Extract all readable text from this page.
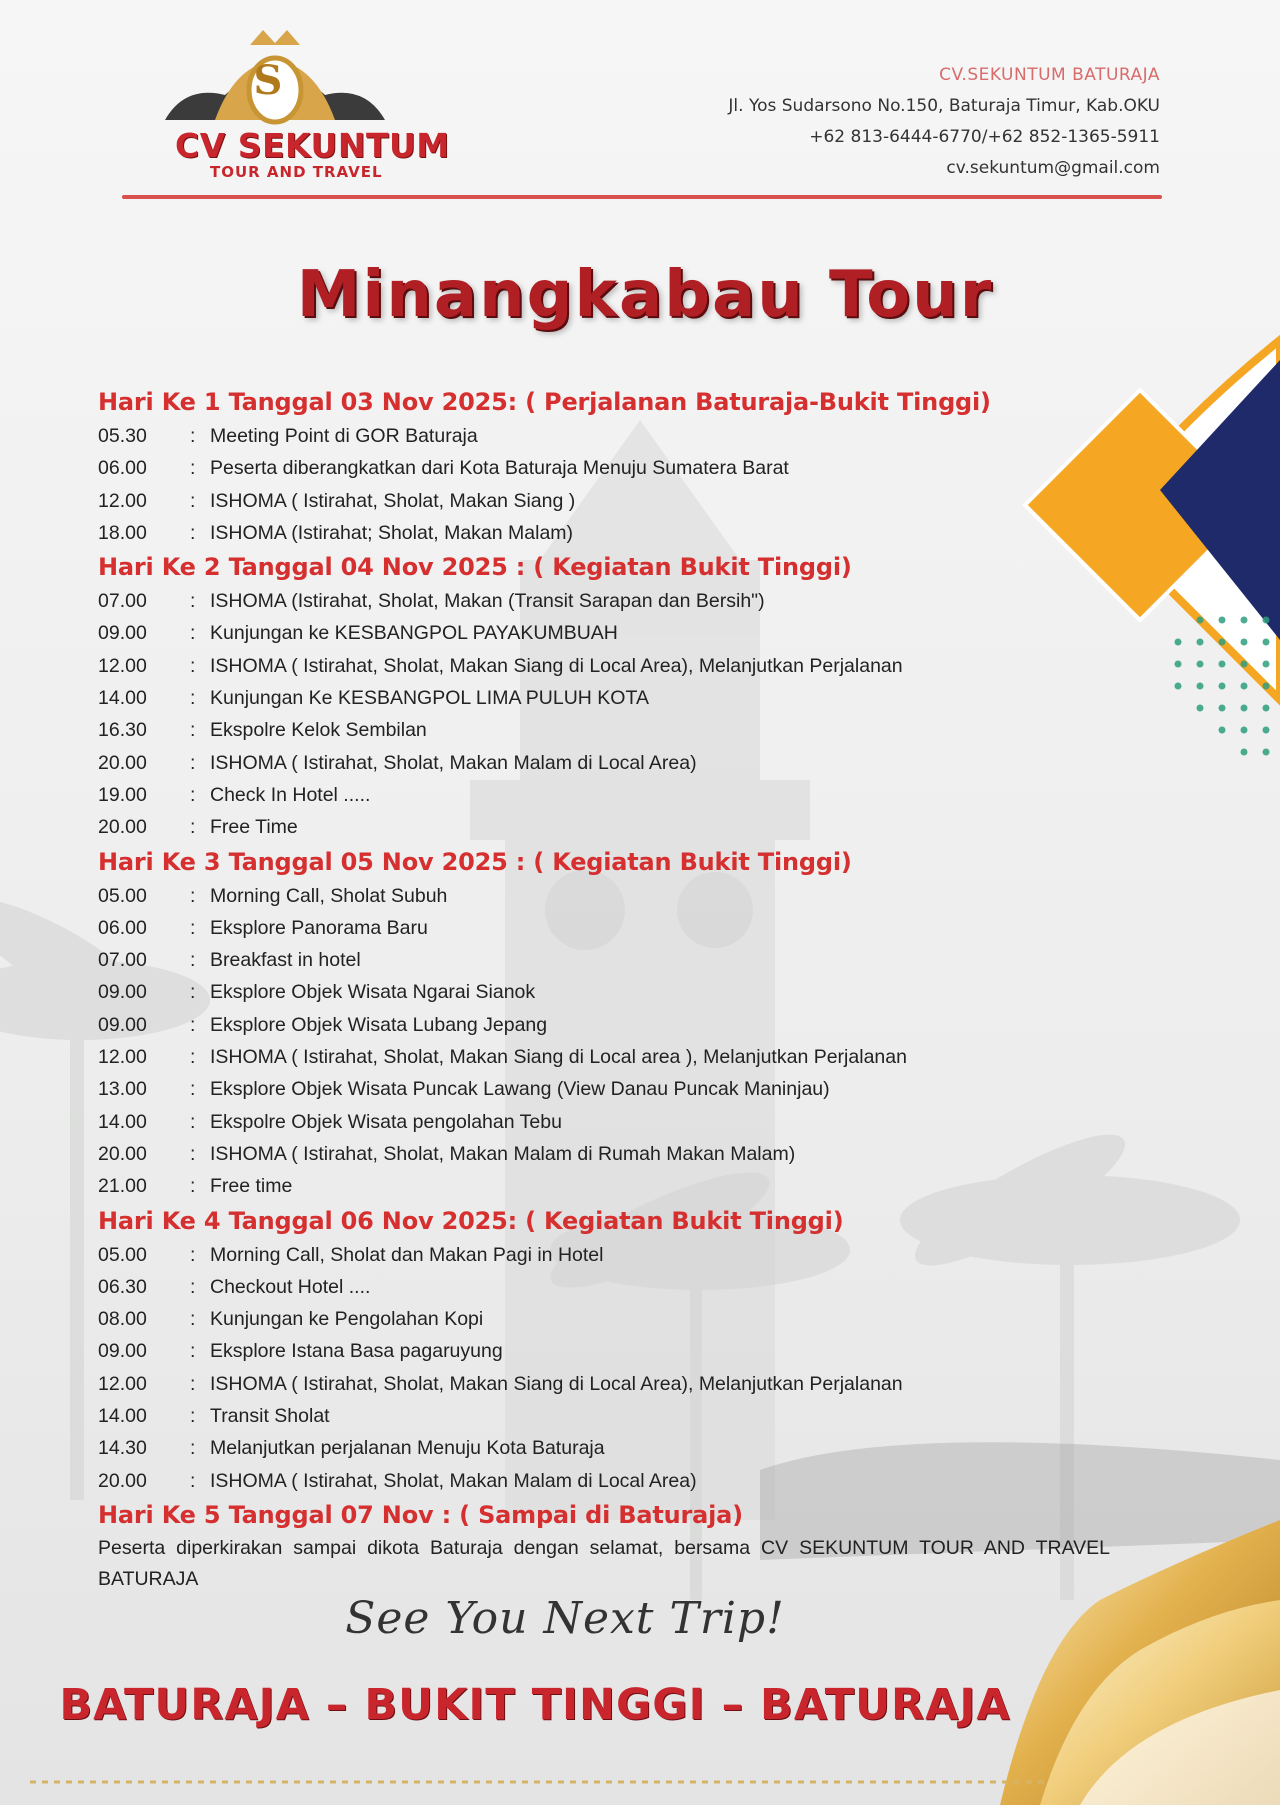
S
CV SEKUNTUM
TOUR AND TRAVEL
CV.SEKUNTUM BATURAJA
Jl. Yos Sudarsono No.150, Baturaja Timur, Kab.OKU
+62 813-6444-6770/+62 852-1365-5911
cv.sekuntum@gmail.com
Minangkabau Tour
Hari Ke 1 Tanggal 03 Nov 2025: ( Perjalanan Baturaja-Bukit Tinggi)
05.30	: Meeting Point di GOR Baturaja
06.00	: Peserta diberangkatkan dari Kota Baturaja Menuju Sumatera Barat
12.00	: ISHOMA ( Istirahat, Sholat, Makan Siang )
18.00	: ISHOMA (Istirahat; Sholat, Makan Malam)
Hari Ke 2 Tanggal 04 Nov 2025 : ( Kegiatan Bukit Tinggi)
07.00	: ISHOMA (Istirahat, Sholat, Makan (Transit Sarapan dan Bersih")
09.00	: Kunjungan ke KESBANGPOL PAYAKUMBUAH
12.00	: ISHOMA ( Istirahat, Sholat, Makan Siang di Local Area), Melanjutkan Perjalanan
14.00	: Kunjungan Ke KESBANGPOL LIMA PULUH KOTA
16.30	: Ekspolre Kelok Sembilan
20.00	: ISHOMA ( Istirahat, Sholat, Makan Malam di Local Area)
19.00	: Check In Hotel .....
20.00	: Free Time
Hari Ke 3 Tanggal 05 Nov 2025 : ( Kegiatan Bukit Tinggi)
05.00	: Morning Call, Sholat Subuh
06.00	: Eksplore Panorama Baru
07.00	: Breakfast in hotel
09.00	: Eksplore Objek Wisata Ngarai Sianok
09.00	: Eksplore Objek Wisata Lubang Jepang
12.00	: ISHOMA ( Istirahat, Sholat, Makan Siang di Local area ), Melanjutkan Perjalanan
13.00	: Eksplore Objek Wisata Puncak Lawang (View Danau Puncak Maninjau)
14.00	: Ekspolre Objek Wisata pengolahan Tebu
20.00	: ISHOMA ( Istirahat, Sholat, Makan Malam di Rumah Makan Malam)
21.00	: Free time
Hari Ke 4 Tanggal 06 Nov 2025: ( Kegiatan Bukit Tinggi)
05.00	: Morning Call, Sholat dan Makan Pagi in Hotel
06.30	: Checkout Hotel ....
08.00	: Kunjungan ke Pengolahan Kopi
09.00	: Eksplore Istana Basa pagaruyung
12.00	: ISHOMA ( Istirahat, Sholat, Makan Siang di Local Area), Melanjutkan Perjalanan
14.00	: Transit Sholat
14.30	: Melanjutkan perjalanan Menuju Kota Baturaja
20.00	: ISHOMA ( Istirahat, Sholat, Makan Malam di Local Area)
Hari Ke 5 Tanggal 07 Nov : ( Sampai di Baturaja)
Peserta diperkirakan sampai dikota Baturaja dengan selamat, bersama CV SEKUNTUM TOUR AND TRAVEL BATURAJA
See You Next Trip!
BATURAJA – BUKIT TINGGI – BATURAJA
